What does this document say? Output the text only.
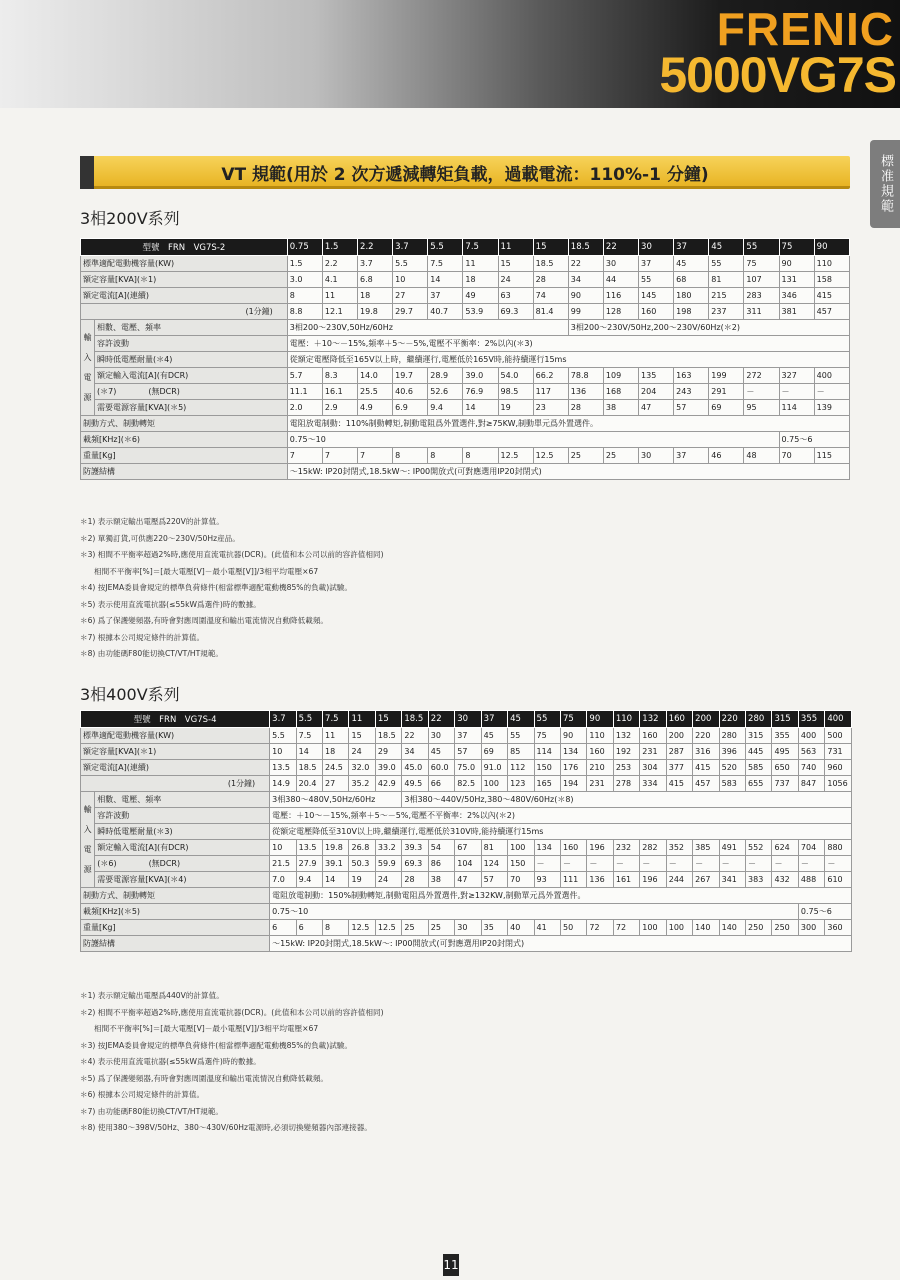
FRENIC
5000VG7S
標准規範
VT 規範(用於 2 次方遞減轉矩負載，過載電流：110%-1 分鐘)
3相200V系列
型號　FRN　VG7S-2		0.75	1.5	2.2	3.7	5.5	7.5	11	15	18.5	22	30	37	45	55	75	90
標準適配電動機容量(KW)		1.5	2.2	3.7	5.5	7.5	11	15	18.5	22	30	37	45	55	75	90	110
額定容量[KVA](＊1)		3.0	4.1	6.8	10	14	18	24	28	34	44	55	68	81	107	131	158
額定電流[A](連續)		8	11	18	27	37	49	63	74	90	116	145	180	215	283	346	415
(1分鐘)		8.8	12.1	19.8	29.7	40.7	53.9	69.3	81.4	99	128	160	198	237	311	381	457
輸
入
電
源	相數、電壓、頻率	3相200～230V,50Hz/60Hz								3相200～230V/50Hz,200～230V/60Hz(＊2)							
	容許波動	電壓：＋10～－15%,頻率＋5～－5%,電壓不平衡率：2%以內(＊3)															
	瞬時低電壓耐量(＊4)	從額定電壓降低至165V以上時，繼續運行,電壓低於165V時,能持續運行15ms															
	額定輸入電流[A](有DCR)	5.7	8.3	14.0	19.7	28.9	39.0	54.0	66.2	78.8	109	135	163	199	272	327	400
	(＊7)　　　　(無DCR)	11.1	16.1	25.5	40.6	52.6	76.9	98.5	117	136	168	204	243	291	－	－	－
	需要電源容量[KVA](＊5)	2.0	2.9	4.9	6.9	9.4	14	19	23	28	38	47	57	69	95	114	139
制動方式、制動轉矩		電阻放電制動：110%制動轉矩,制動電阻爲外置選件,對≥75KW,制動單元爲外置選件。															
載頻[KHz](＊6)		0.75～10														0.75～6	
重量[Kg]		7	7	7	8	8	8	12.5	12.5	25	25	30	37	46	48	70	115
防護結構		～15kW: IP20封閉式,18.5kW～: IP00開放式(可對應選用IP20封閉式)															
＊1) 表示額定輸出電壓爲220V的計算值。
＊2) 單獨訂貨,可供應220～230V/50Hz産品。
＊3) 相間不平衡率超過2%時,應使用直流電抗器(DCR)。(此值和本公司以前的容許值相同)
相間不平衡率[%]＝[最大電壓[V]－最小電壓[V]]/3相平均電壓×67
＊4) 按JEMA委員會規定的標準負荷條件(相當標準適配電動機85%的負載)試驗。
＊5) 表示使用直流電抗器(≤55kW爲選件)時的數據。
＊6) 爲了保護變頻器,有時會對應周圍溫度和輸出電流情況自動降低載頻。
＊7) 根據本公司規定條件的計算值。
＊8) 由功能碼F80能切換CT/VT/HT規範。
3相400V系列
型號　FRN　VG7S-4		3.7	5.5	7.5	11	15	18.5	22	30	37	45	55	75	90	110	132	160	200	220	280	315	355	400
標準適配電動機容量(KW)		5.5	7.5	11	15	18.5	22	30	37	45	55	75	90	110	132	160	200	220	280	315	355	400	500
額定容量[KVA](＊1)		10	14	18	24	29	34	45	57	69	85	114	134	160	192	231	287	316	396	445	495	563	731
額定電流[A](連續)		13.5	18.5	24.5	32.0	39.0	45.0	60.0	75.0	91.0	112	150	176	210	253	304	377	415	520	585	650	740	960
(1分鐘)		14.9	20.4	27	35.2	42.9	49.5	66	82.5	100	123	165	194	231	278	334	415	457	583	655	737	847	1056
輸
入
電
源	相數、電壓、頻率	3相380～480V,50Hz/60Hz					3相380～440V/50Hz,380～480V/60Hz(＊8)																
	容許波動	電壓：＋10～－15%,頻率＋5～－5%,電壓不平衡率：2%以內(＊2)																					
	瞬時低電壓耐量(＊3)	從額定電壓降低至310V以上時,繼續運行,電壓低於310V時,能持續運行15ms																					
	額定輸入電流[A](有DCR)	10	13.5	19.8	26.8	33.2	39.3	54	67	81	100	134	160	196	232	282	352	385	491	552	624	704	880
	(＊6)　　　　(無DCR)	21.5	27.9	39.1	50.3	59.9	69.3	86	104	124	150	－	－	－	－	－	－	－	－	－	－	－	－
	需要電源容量[KVA](＊4)	7.0	9.4	14	19	24	28	38	47	57	70	93	111	136	161	196	244	267	341	383	432	488	610
制動方式、制動轉矩		電阻放電制動：150%制動轉矩,制動電阻爲外置選件,對≥132KW,制動單元爲外置選件。																					
載頻[KHz](＊5)		0.75～10																				0.75～6	
重量[Kg]		6	6	8	12.5	12.5	25	25	30	35	40	41	50	72	72	100	100	140	140	250	250	300	360
防護結構		～15kW: IP20封閉式,18.5kW～: IP00開放式(可對應選用IP20封閉式)																					
＊1) 表示額定輸出電壓爲440V的計算值。
＊2) 相間不平衡率超過2%時,應使用直流電抗器(DCR)。(此值和本公司以前的容許值相同)
相間不平衡率[%]＝[最大電壓[V]－最小電壓[V]]/3相平均電壓×67
＊3) 按JEMA委員會規定的標準負荷條件(相當標準適配電動機85%的負載)試驗。
＊4) 表示使用直流電抗器(≤55kW爲選件)時的數據。
＊5) 爲了保護變頻器,有時會對應周圍溫度和輸出電流情況自動降低載頻。
＊6) 根據本公司規定條件的計算值。
＊7) 由功能碼F80能切換CT/VT/HT規範。
＊8) 使用380～398V/50Hz、380～430V/60Hz電源時,必須切換變頻器內部連接器。
11
